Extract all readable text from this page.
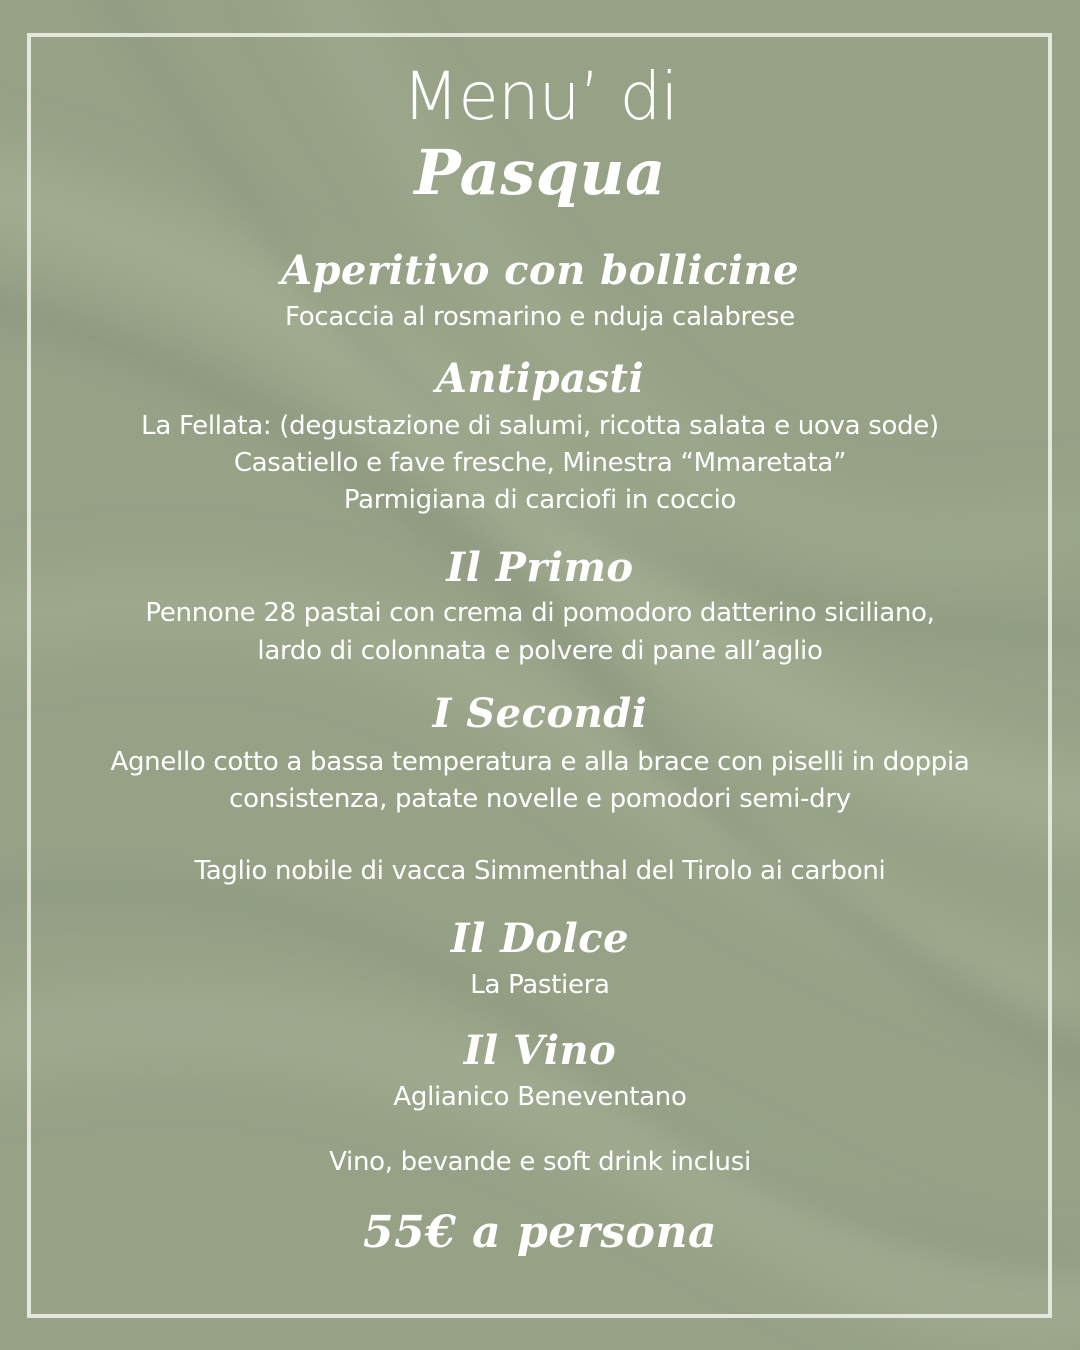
Menu’ di
Pasqua
Aperitivo con bollicine
Focaccia al rosmarino e nduja calabrese
Antipasti
La Fellata: (degustazione di salumi, ricotta salata e uova sode)
Casatiello e fave fresche, Minestra “Mmaretata”
Parmigiana di carciofi in coccio
Il Primo
Pennone 28 pastai con crema di pomodoro datterino siciliano,
lardo di colonnata e polvere di pane all’aglio
I Secondi
Agnello cotto a bassa temperatura e alla brace con piselli in doppia
consistenza, patate novelle e pomodori semi-dry
Taglio nobile di vacca Simmenthal del Tirolo ai carboni
Il Dolce
La Pastiera
Il Vino
Aglianico Beneventano
Vino, bevande e soft drink inclusi
55€ a persona
